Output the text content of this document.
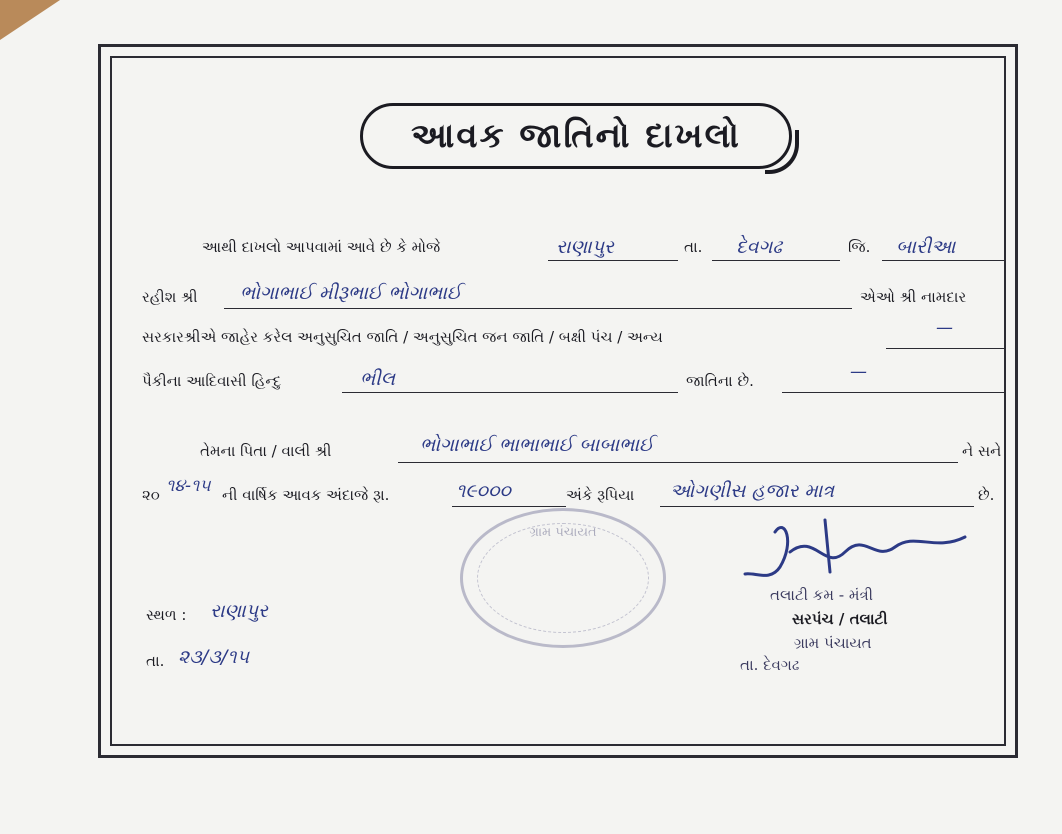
આવક જાતિનો દાખલો
આથી દાખલો આપવામાં આવે છે કે મોજે	રાણાપુર	તા. દેવગઢ	જિ. બારીઆ
રહીશ શ્રી ભોગાભાઈ મીરૂભાઈ ભોગાભાઈ	એઓ શ્રી નામદાર
સરકારશ્રીએ જાહેર કરેલ અનુસુચિત જાતિ / અનુસુચિત જન જાતિ / બક્ષી પંચ / અન્ય	—
પૈકીના આદિવાસી હિન્દુ	ભીલ	જાતિના છે.	—
તેમના પિતા / વાલી શ્રી	ભોગાભાઈ ભાભાભાઈ બાબાભાઈ	ને સને
૨૦ ૧૪-૧૫ ની વાર્ષિક આવક અંદાજે રૂા.	૧૯૦૦૦	અંકે રૂપિયા ઓગણીસ હજાર માત્ર	છે.
ગ્રામ પંચાયત
સ્થળ : રાણાપુર
તા. ૨૩/૩/૧૫
તલાટી કમ - મંત્રી
સરપંચ / તલાટી
ગ્રામ પંચાયત
તા. દેવગઢ
